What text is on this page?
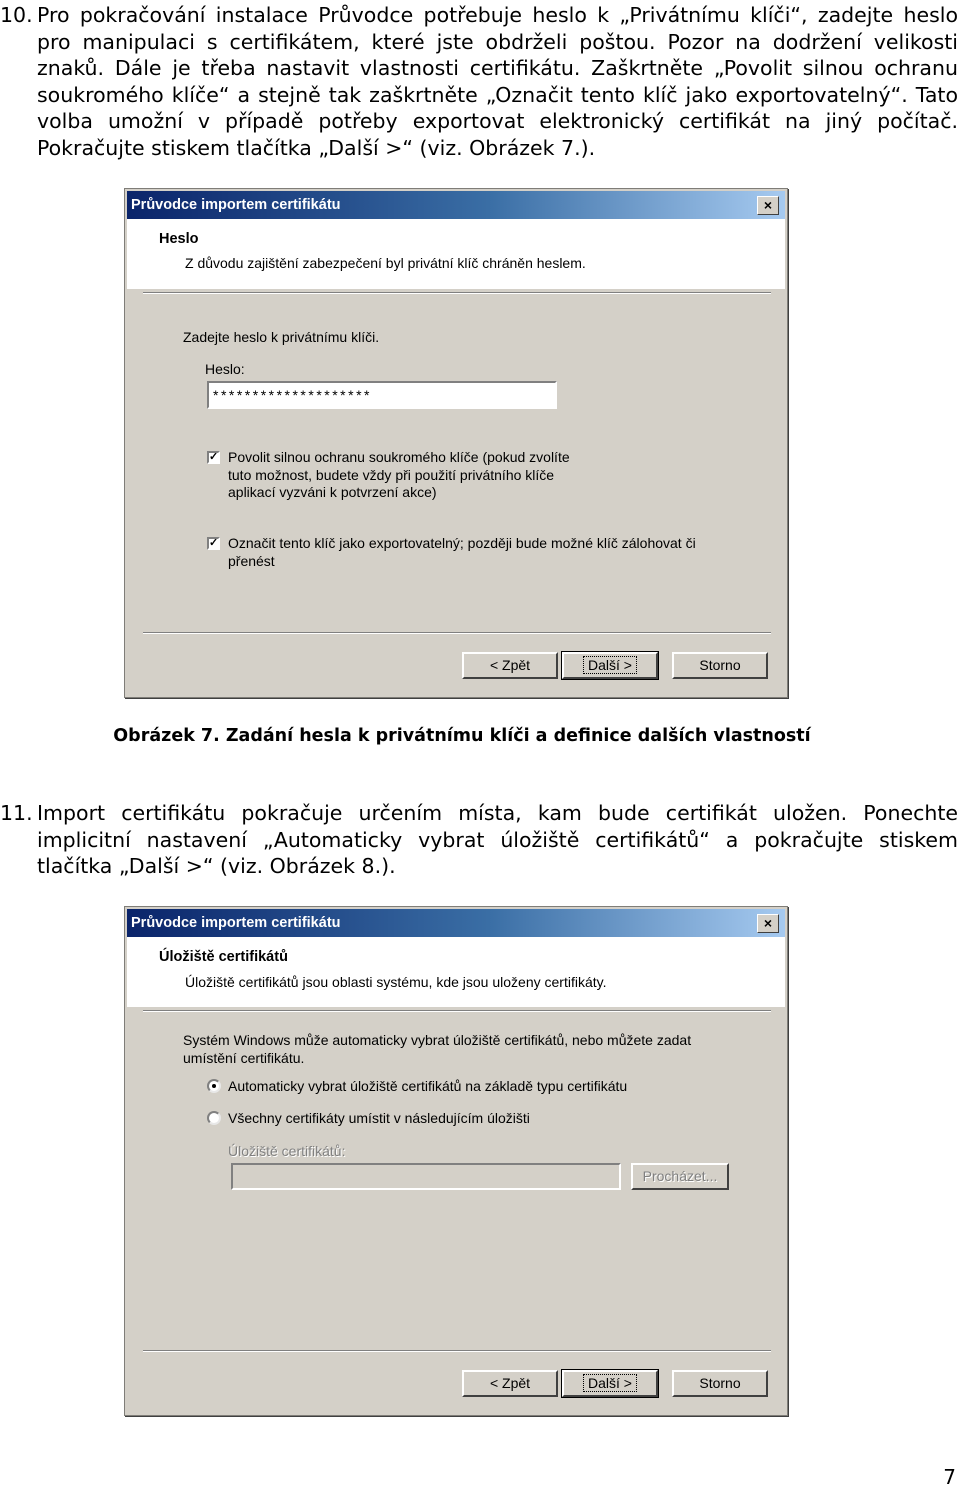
10. Pro pokračování instalace Průvodce potřebuje heslo k „Privátnímu klíči“, zadejte heslo pro manipulaci s certifikátem, které jste obdrželi poštou. Pozor na dodržení velikosti znaků. Dále je třeba nastavit vlastnosti certifikátu. Zaškrtněte „Povolit silnou ochranu soukromého klíče“ a stejně tak zaškrtněte „Označit tento klíč jako exportovatelný“. Tato volba umožní v případě potřeby exportovat elektronický certifikát na jiný počítač. Pokračujte stiskem tlačítka „Další >“ (viz. Obrázek 7.).
Průvodce importem certifikátu	×
Heslo
Z důvodu zajištění zabezpečení byl privátní klíč chráněn heslem.
Zadejte heslo k privátnímu klíči.
Heslo:
********************
✓ Povolit silnou ochranu soukromého klíče (pokud zvolíte tuto možnost, budete vždy při použití privátního klíče aplikací vyzváni k potvrzení akce)
✓ Označit tento klíč jako exportovatelný; později bude možné klíč zálohovat či přenést
< Zpět	Další >	Storno
Obrázek 7. Zadání hesla k privátnímu klíči a definice dalších vlastností
11. Import certifikátu pokračuje určením místa, kam bude certifikát uložen. Ponechte implicitní nastavení „Automaticky vybrat úložiště certifikátů“ a pokračujte stiskem tlačítka „Další >“ (viz. Obrázek 8.).
Průvodce importem certifikátu	×
Úložiště certifikátů
Úložiště certifikátů jsou oblasti systému, kde jsou uloženy certifikáty.
Systém Windows může automaticky vybrat úložiště certifikátů, nebo můžete zadat umístění certifikátu.
Automaticky vybrat úložiště certifikátů na základě typu certifikátu
Všechny certifikáty umístit v následujícím úložišti
Úložiště certifikátů:
Procházet...
< Zpět	Další >	Storno
7
